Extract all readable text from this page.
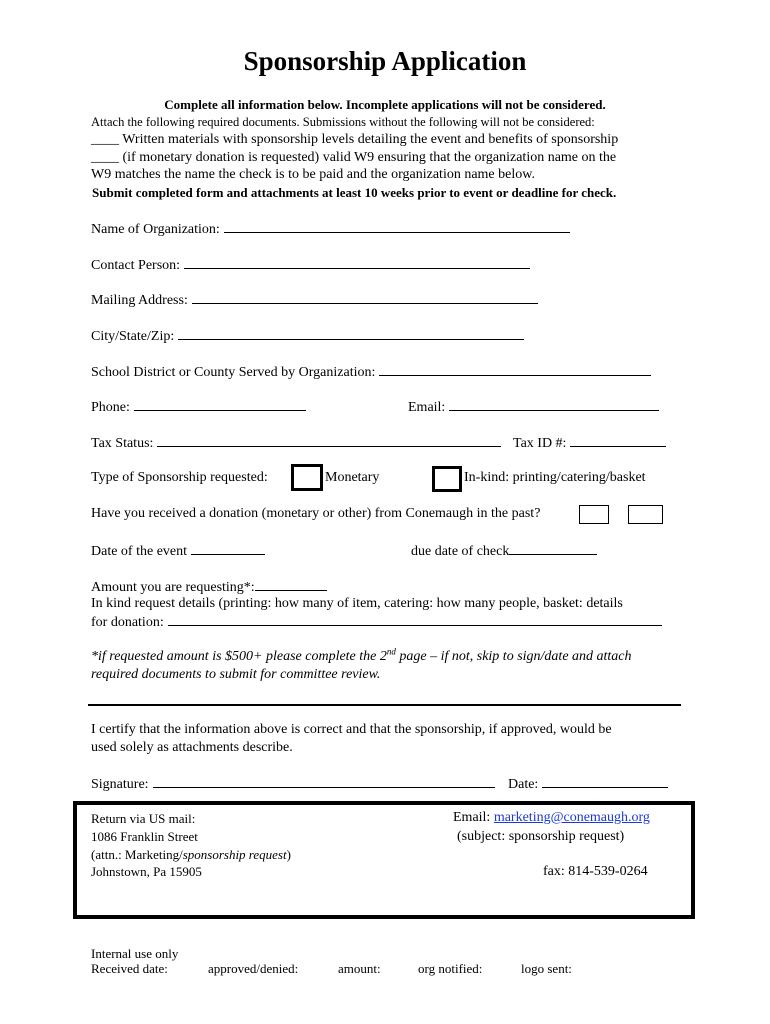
Sponsorship Application
Complete all information below. Incomplete applications will not be considered.
Attach the following required documents. Submissions without the following will not be considered:
____ Written materials with sponsorship levels detailing the event and benefits of sponsorship
____ (if monetary donation is requested) valid W9 ensuring that the organization name on the
W9 matches the name the check is to be paid and the organization name below.
Submit completed form and attachments at least 10 weeks prior to event or deadline for check.
Name of Organization:
Contact Person:
Mailing Address:
City/State/Zip:
School District or County Served by Organization:
Phone:	Email:
Tax Status:	Tax ID #:
Type of Sponsorship requested:	Monetary	In-kind: printing/catering/basket
Have you received a donation (monetary or other) from Conemaugh in the past?
Date of the event	due date of check
Amount you are requesting*:
In kind request details (printing: how many of item, catering: how many people, basket: details
for donation:
*if requested amount is $500+ please complete the 2nd page – if not, skip to sign/date and attach
required documents to submit for committee review.
I certify that the information above is correct and that the sponsorship, if approved, would be
used solely as attachments describe.
Signature:	Date:
Return via US mail:
1086 Franklin Street
(attn.: Marketing/sponsorship request)
Johnstown, Pa 15905
Email: marketing@conemaugh.org
(subject: sponsorship request)
fax: 814-539-0264
Internal use only
Received date:	approved/denied:	amount:	org notified:	logo sent:
